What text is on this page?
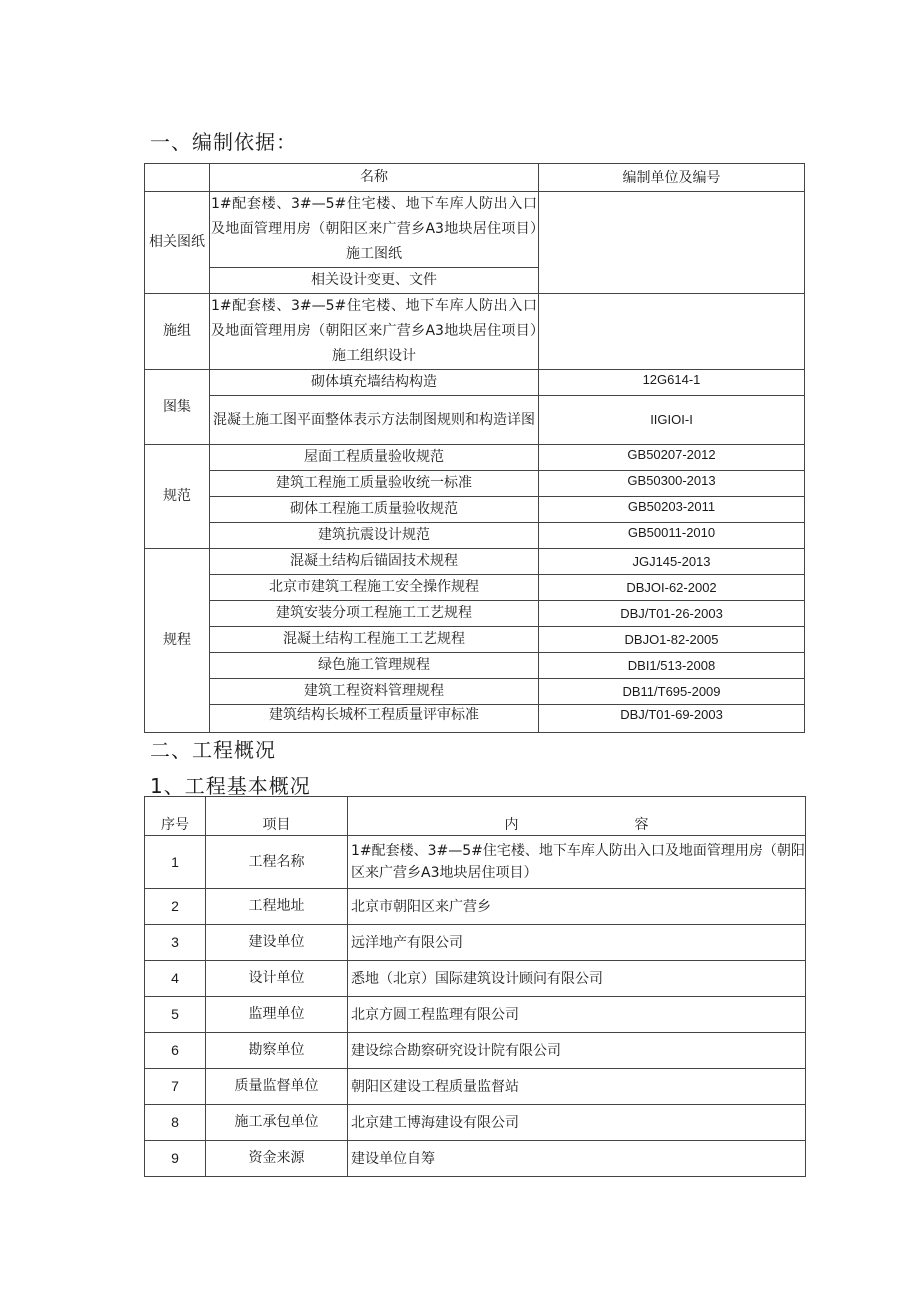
一、编制依据：
	名称	编制单位及编号
相关图纸	1#配套楼、3#—5#住宅楼、地下车库人防出入口及地面管理用房（朝阳区来广营乡A3地块居住项目）施工图纸	
	相关设计变更、文件	
施组	1#配套楼、3#—5#住宅楼、地下车库人防出入口及地面管理用房（朝阳区来广营乡A3地块居住项目）施工组织设计	
图集	砌体填充墙结构构造	12G614-1
	混凝土施工图平面整体表示方法制图规则和构造详图	IIGIOI-I
规范	屋面工程质量验收规范	GB50207-2012
	建筑工程施工质量验收统一标准	GB50300-2013
	砌体工程施工质量验收规范	GB50203-2011
	建筑抗震设计规范	GB50011-2010
规程	混凝土结构后锚固技术规程	JGJ145-2013
	北京市建筑工程施工安全操作规程	DBJOI-62-2002
	建筑安装分项工程施工工艺规程	DBJ/T01-26-2003
	混凝土结构工程施工工艺规程	DBJO1-82-2005
	绿色施工管理规程	DBI1/513-2008
	建筑工程资料管理规程	DB11/T695-2009
	建筑结构长城杯工程质量评审标准	DBJ/T01-69-2003
二、工程概况
1、工程基本概况
序号	项目	内 容
1	工程名称	1#配套楼、3#—5#住宅楼、地下车库人防出入口及地面管理用房（朝阳区来广营乡A3地块居住项目）
2	工程地址	北京市朝阳区来广营乡
3	建设单位	远洋地产有限公司
4	设计单位	悉地（北京）国际建筑设计顾问有限公司
5	监理单位	北京方圆工程监理有限公司
6	勘察单位	建设综合勘察研究设计院有限公司
7	质量监督单位	朝阳区建设工程质量监督站
8	施工承包单位	北京建工博海建设有限公司
9	资金来源	建设单位自筹
